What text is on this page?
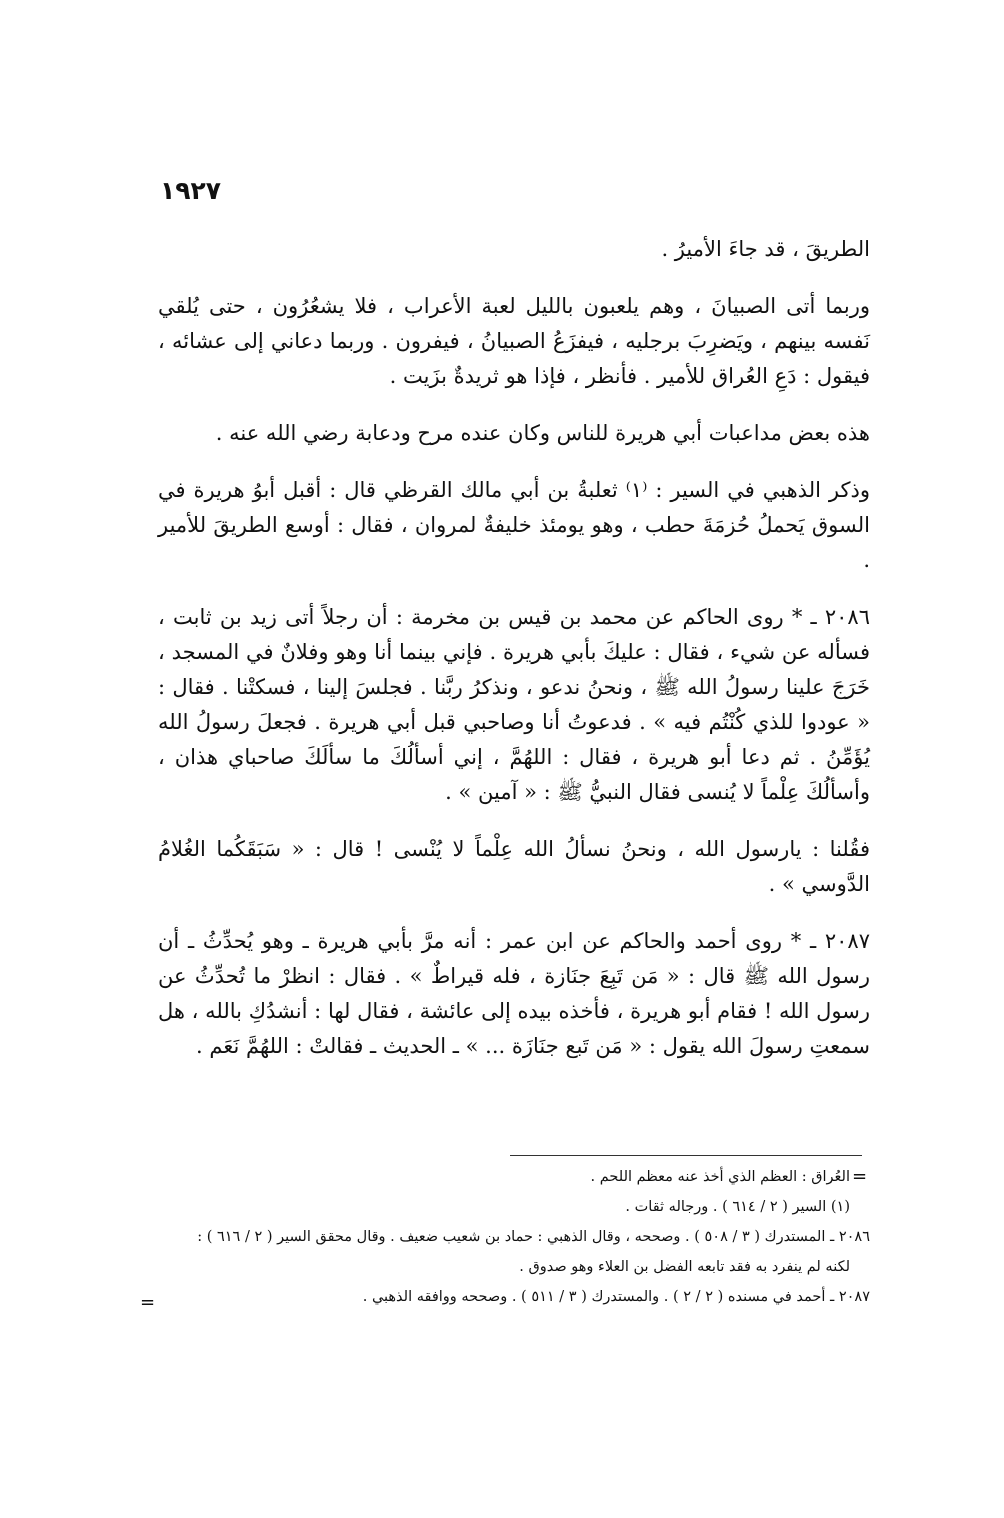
١٩٢٧

الطريقَ ، قد جاءَ الأميرُ .

وربما أتى الصبيانَ ، وهم يلعبون بالليل لعبة الأعراب ، فلا يشعُرُون ، حتى يُلقي نَفسه بينهم ، ويَضرِبَ برجليه ، فيفزَعُ الصبيانُ ، فيفرون . وربما دعاني إلى عشائه ، فيقول : دَعِ العُراق للأمير . فأنظر ، فإذا هو ثريدةٌ بزَيت .

هذه بعض مداعبات أبي هريرة للناس وكان عنده مرح ودعابة رضي الله عنه .

وذكر الذهبي في السير : ⁽١⁾ ثعلبةُ بن أبي مالك القرظي قال : أقبل أبوُ هريرة في السوق يَحملُ حُزمَةَ حطب ، وهو يومئذ خليفةٌ لمروان ، فقال : أوسع الطريقَ للأمير .

٢٠٨٦ ـ * روى الحاكم عن محمد بن قيس بن مخرمة : أن رجلاً أتى زيد بن ثابت ، فسأله عن شيء ، فقال : عليكَ بأبي هريرة . فإني بينما أنا وهو وفلانٌ في المسجد ، خَرَجَ علينا رسولُ الله ﷺ ، ونحنُ ندعو ، ونذكرُ ربَّنا . فجلسَ إلينا ، فسكتْنا . فقال : « عودوا للذي كُنْتُم فيه » . فدعوتُ أنا وصاحبي قبل أبي هريرة . فجعلَ رسولُ الله يُؤَمِّنُ . ثم دعا أبو هريرة ، فقال : اللهُمَّ ، إني أسألُكَ ما سألَكَ صاحباي هذان ، وأسألُكَ عِلْماً لا يُنسى فقال النبيُّ ﷺ : « آمين » .

فقُلنا : يارسول الله ، ونحنُ نسألُ الله عِلْماً لا يُنْسى ! قال : « سَبَقَكُما الغُلامُ الدَّوسي » .

٢٠٨٧ ـ * روى أحمد والحاكم عن ابن عمر : أنه مرَّ بأبي هريرة ـ وهو يُحدِّثُ ـ أن رسول الله ﷺ قال : « مَن تَبِعَ جنَازة ، فله قيراطٌ » . فقال : انظرْ ما تُحدِّثُ عن رسول الله ! فقام أبو هريرة ، فأخذه بيده إلى عائشة ، فقال لها : أنشدُكِ بالله ، هل سمعتِ رسولَ الله يقول : « مَن تَبع جنَازَة ... » ـ الحديث ـ فقالتْ : اللهُمَّ نَعَم .

=

العُراق : العظم الذي أخذ عنه معظم اللحم .

(١) السير ( ٢ / ٦١٤ ) . ورجاله ثقات .

٢٠٨٦ ـ المستدرك ( ٣ / ٥٠٨ ) . وصححه ، وقال الذهبي : حماد بن شعيب ضعيف . وقال محقق السير ( ٢ / ٦١٦ ) :

لكنه لم ينفرد به فقد تابعه الفضل بن العلاء وهو صدوق .

٢٠٨٧ ـ أحمد في مسنده ( ٢ / ٢ ) . والمستدرك ( ٣ / ٥١١ ) . وصححه ووافقه الذهبي .

=
